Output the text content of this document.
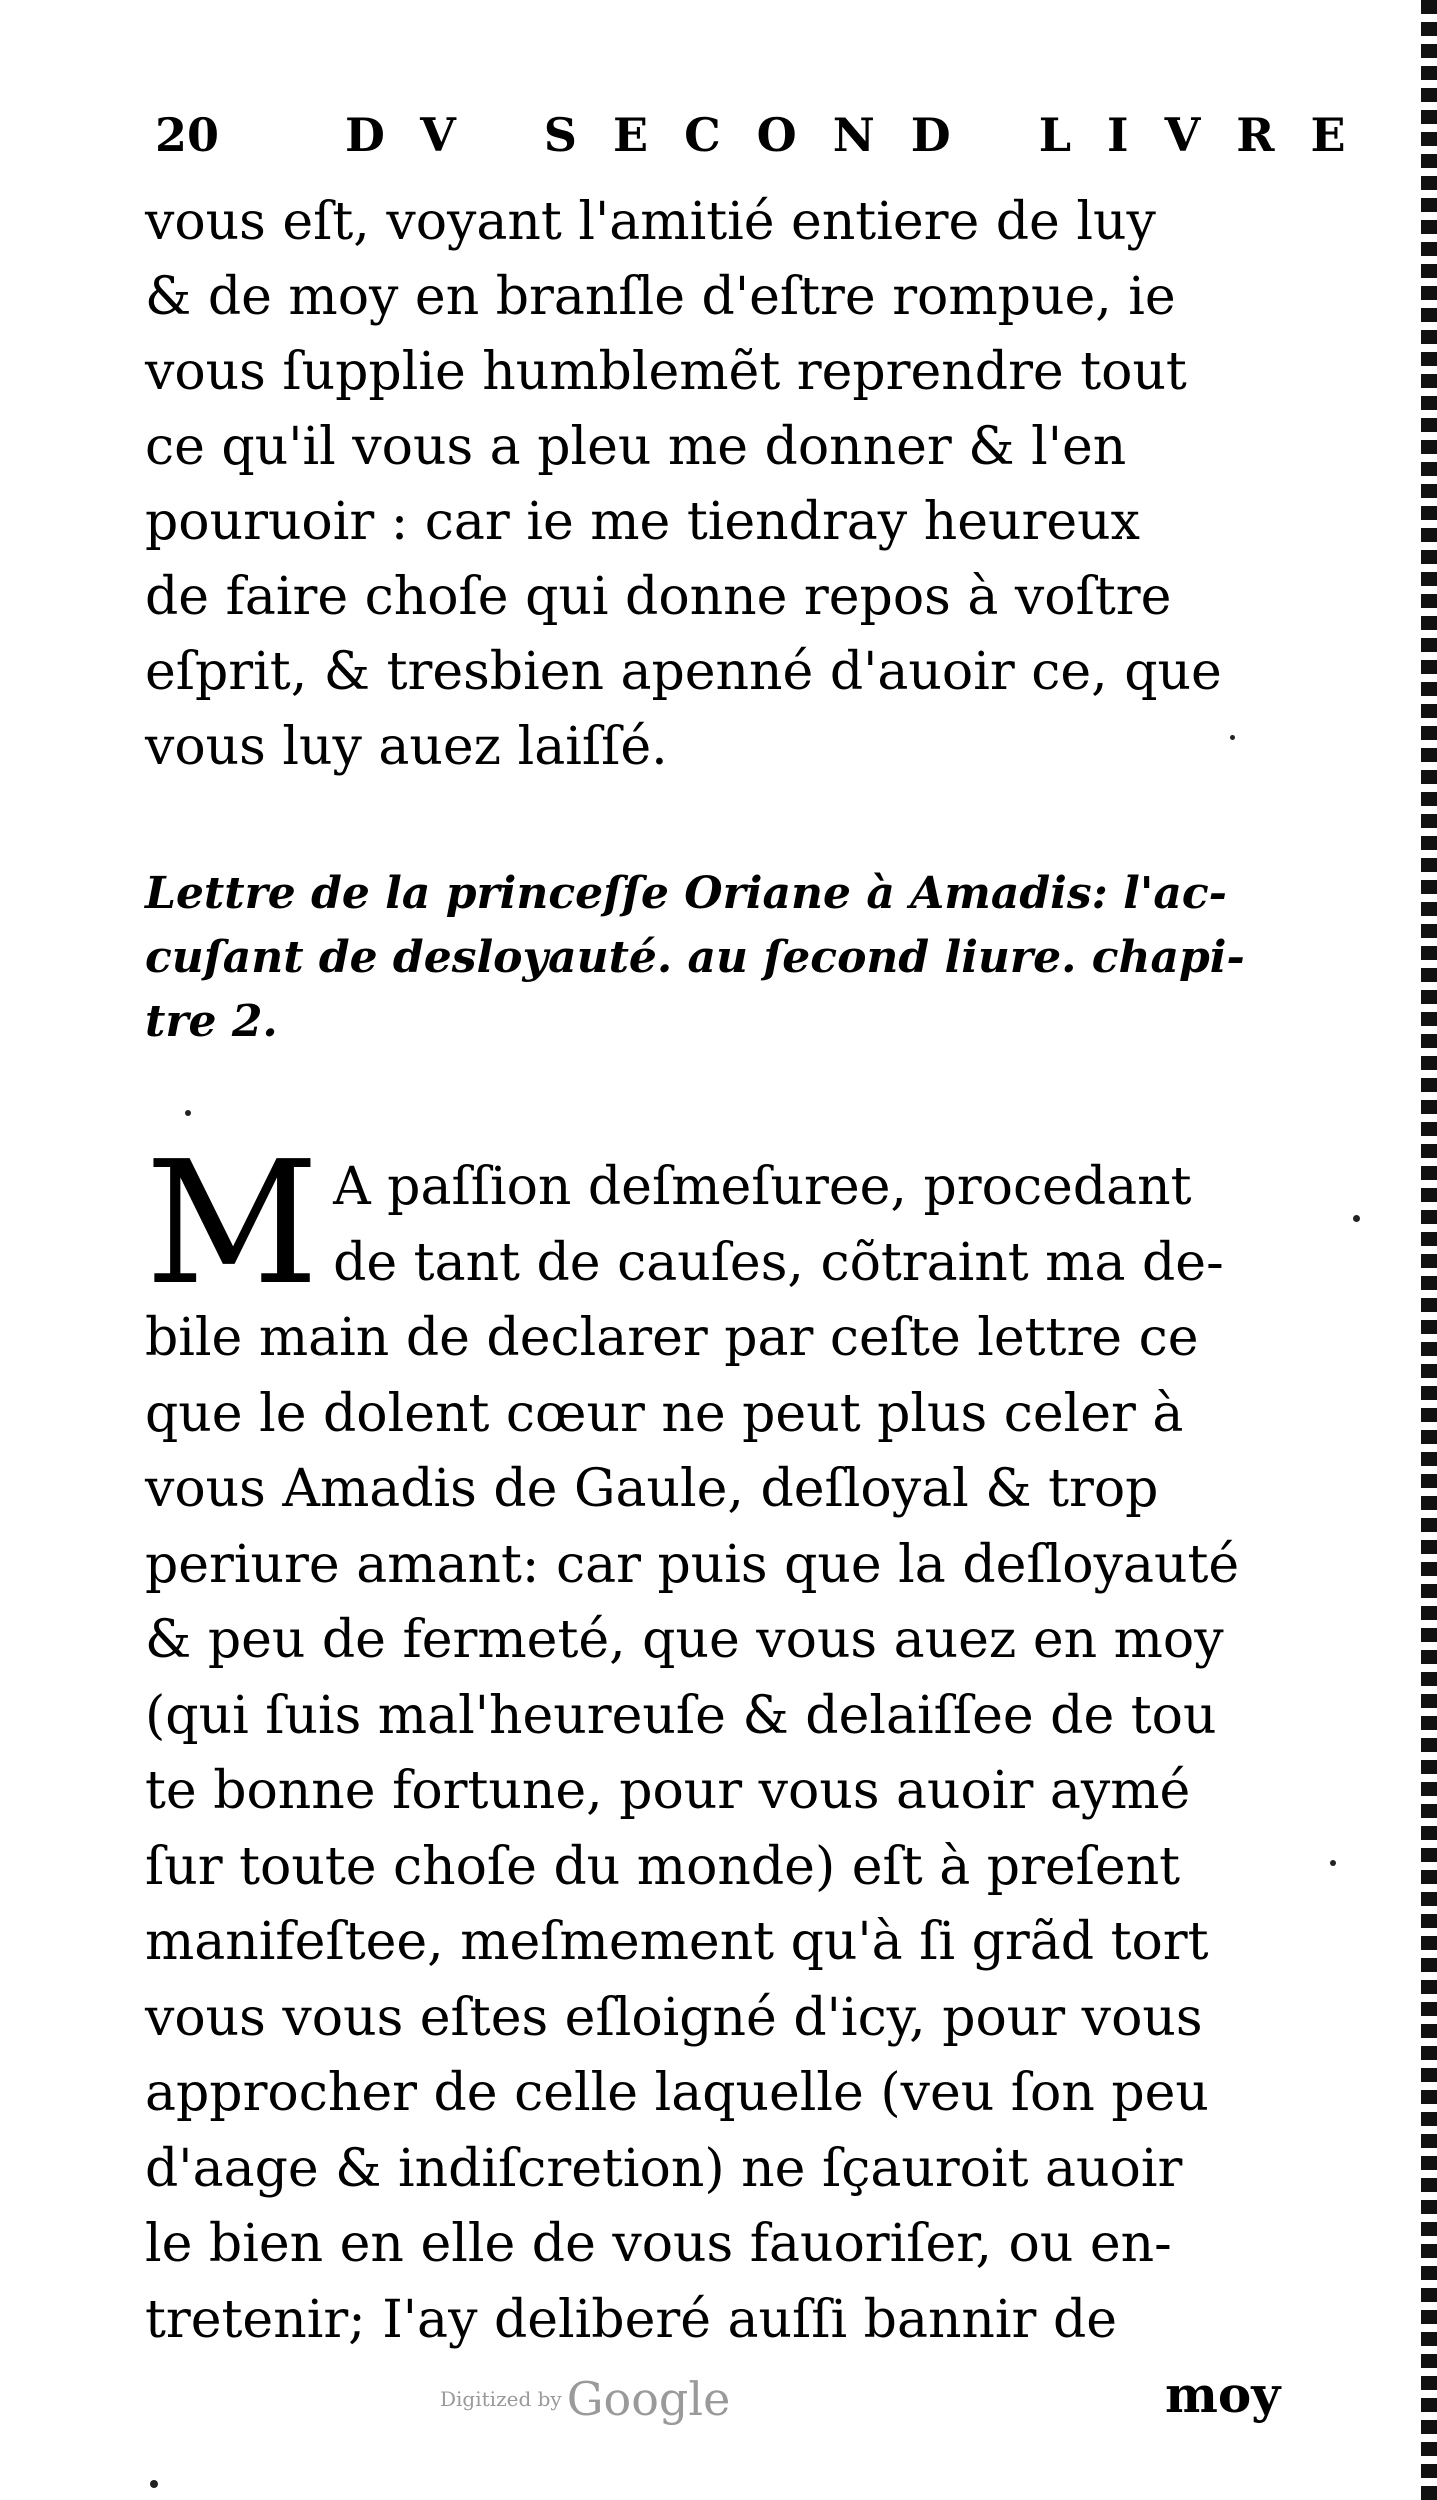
20	DV SECOND LIVRE

vous eſt, voyant l'amitié entiere de luy
& de moy en branſle d'eſtre rompue, ie
vous ſupplie humblemẽt reprendre tout
ce qu'il vous a pleu me donner & l'en
pouruoir : car ie me tiendray heureux
de faire choſe qui donne repos à voſtre
eſprit, & tresbien apenné d'auoir ce, que
vous luy auez laiſſé.

Lettre de la princeſſe Oriane à Amadis: l'ac-
cuſant de desloyauté. au ſecond liure. chapi-
tre 2.

M A paſſion deſmeſuree, procedant
de tant de cauſes, cõtraint ma de-
bile main de declarer par ceſte lettre ce
que le dolent cœur ne peut plus celer à
vous Amadis de Gaule, deſloyal & trop
periure amant: car puis que la deſloyauté
& peu de fermeté, que vous auez en moy
(qui ſuis mal'heureuſe & delaiſſee de tou
te bonne fortune, pour vous auoir aymé
ſur toute choſe du monde) eſt à preſent
manifeſtee, meſmement qu'à ſi grãd tort
vous vous eſtes eſloigné d'icy, pour vous
approcher de celle laquelle (veu ſon peu
d'aage & indiſcretion) ne ſçauroit auoir
le bien en elle de vous fauoriſer, ou en-
tretenir; I'ay deliberé auſſi bannir de

Digitized by Google	moy
